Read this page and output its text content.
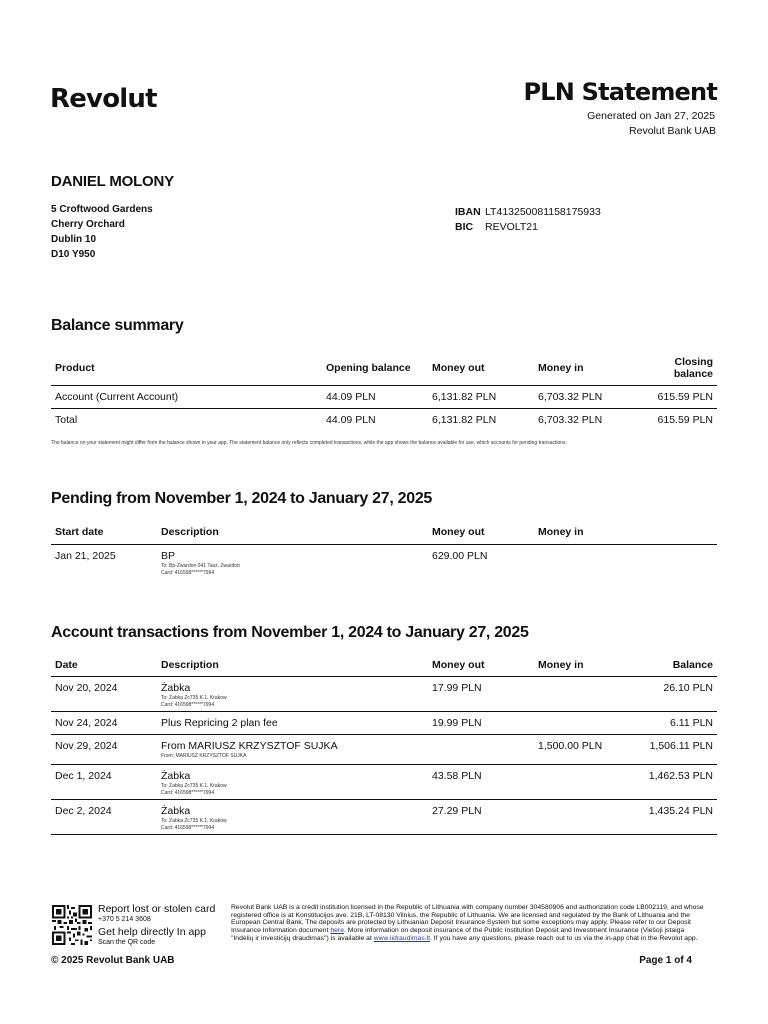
Revolut	PLN Statement
Generated on Jan 27, 2025
Revolut Bank UAB
DANIEL MOLONY
5 Croftwood Gardens
Cherry Orchard
Dublin 10
D10 Y950
IBAN LT413250081158175933
BIC	REVOLT21
Balance summary
Product	Opening balance	Money out	Money in	Closing
balance

Account (Current Account)	44.09 PLN	6,131.82 PLN	6,703.32 PLN	615.59 PLN
Total	44.09 PLN	6,131.82 PLN	6,703.32 PLN	615.59 PLN
The balance on your statement might differ from the balance shown in your app. The statement balance only reflects completed transactions, while the app shows the balance available for use, which accounts for pending transactions.
Pending from November 1, 2024 to January 27, 2025
Start date	Description	Money out	Money in
Jan 21, 2025	BP
To: Bp-Zwardon 041 Tasz, Zwardon
Card: 416598******7994	629.00 PLN	
Account transactions from November 1, 2024 to January 27, 2025
Date	Description	Money out	Money in	Balance
Nov 20, 2024	Żabka
To: Zabka Zc735 K.1, Krakow
Card: 416598******7994	17.99 PLN		26.10 PLN
Nov 24, 2024	Plus Repricing 2 plan fee	19.99 PLN		6.11 PLN
Nov 29, 2024	From MARIUSZ KRZYSZTOF SUJKA
From: MARIUSZ KRZYSZTOF SUJKA		1,500.00 PLN	1,506.11 PLN
Dec 1, 2024	Żabka
To: Zabka Zc735 K.1, Krakow
Card: 416598******7994	43.58 PLN		1,462.53 PLN
Dec 2, 2024	Żabka
To: Zabka Zc735 K.1, Krakow
Card: 416598******7994	27.29 PLN		1,435.24 PLN
Report lost or stolen card
+370 5 214 3608
Get help directly In app
Scan the QR code
Revolut Bank UAB is a credit institution licensed in the Republic of Lithuania with company number 304580906 and authorization code LB002119, and whose registered office is at Konstitucijos ave. 21B, LT-08130 Vilnius, the Republic of Lithuania. We are licensed and regulated by the Bank of Lithuania and the European Central Bank. The deposits are protected by Lithuanian Deposit Insurance System but some exceptions may apply. Please refer to our Deposit Insurance Information document here. More information on deposit insurance of the Public Institution Deposit and Investment Insurance (Viešoji įstaiga "Indėlių ir investicijų draudimas") is available at www.iidraudimas.lt. If you have any questions, please reach out to us via the in-app chat in the Revolut app.
© 2025 Revolut Bank UAB	Page 1 of 4
